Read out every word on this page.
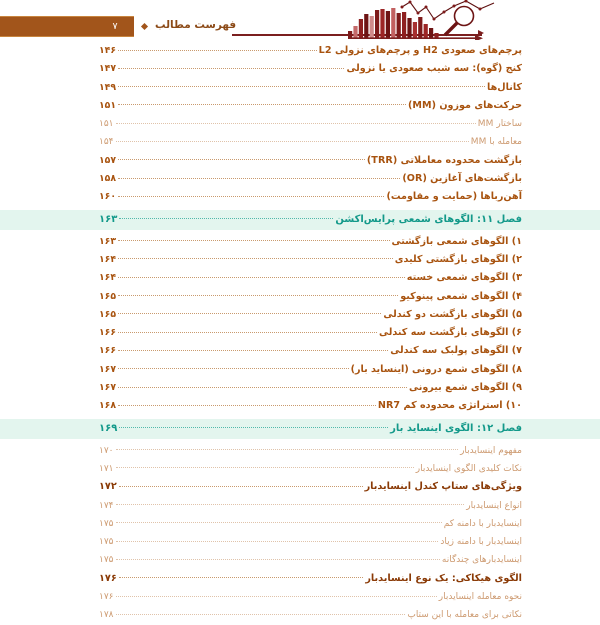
۷	فهرست مطالب
پرچم‌های صعودی H2 و پرچم‌های نزولی L2
۱۴۶
کنج (گوه): سه شیب صعودی یا نزولی
۱۴۷
کانال‌ها
۱۴۹
حرکت‌های موزون (MM)
۱۵۱
ساختار MM
۱۵۱
معامله با MM
۱۵۴
بازگشت محدوده معاملاتی (TRR)
۱۵۷
بازگشت‌های آغازین (OR)
۱۵۸
آهن‌رباها (حمایت و مقاومت)
۱۶۰
فصل ۱۱: الگوهای شمعی پرایس‌اکشن
۱۶۳
۱) الگوهای شمعی بازگشتی
۱۶۳
۲) الگوهای بازگشتی کلیدی
۱۶۴
۳) الگوهای شمعی خسته
۱۶۴
۴) الگوهای شمعی پینوکیو
۱۶۵
۵) الگوهای بازگشت دو کندلی
۱۶۵
۶) الگوهای بازگشت سه کندلی
۱۶۶
۷) الگوهای پولبک سه کندلی
۱۶۶
۸) الگوهای شمع درونی (اینساید بار)
۱۶۷
۹) الگوهای شمع بیرونی
۱۶۷
۱۰) استراتژی محدوده کم NR7
۱۶۸
فصل ۱۲: الگوی اینساید بار
۱۶۹
مفهوم اینسایدبار
۱۷۰
نکات کلیدی الگوی اینسایدبار
۱۷۱
ویژگی‌های ستاپ کندل اینسایدبار
۱۷۲
انواع اینسایدبار
۱۷۴
اینسایدبار با دامنه کم
۱۷۵
اینسایدبار با دامنه زیاد
۱۷۵
اینسایدبارهای چندگانه
۱۷۵
الگوی هیکاکی: یک نوع اینسایدبار
۱۷۶
نحوه معامله اینسایدبار
۱۷۶
نکاتی برای معامله با این ستاپ
۱۷۸
